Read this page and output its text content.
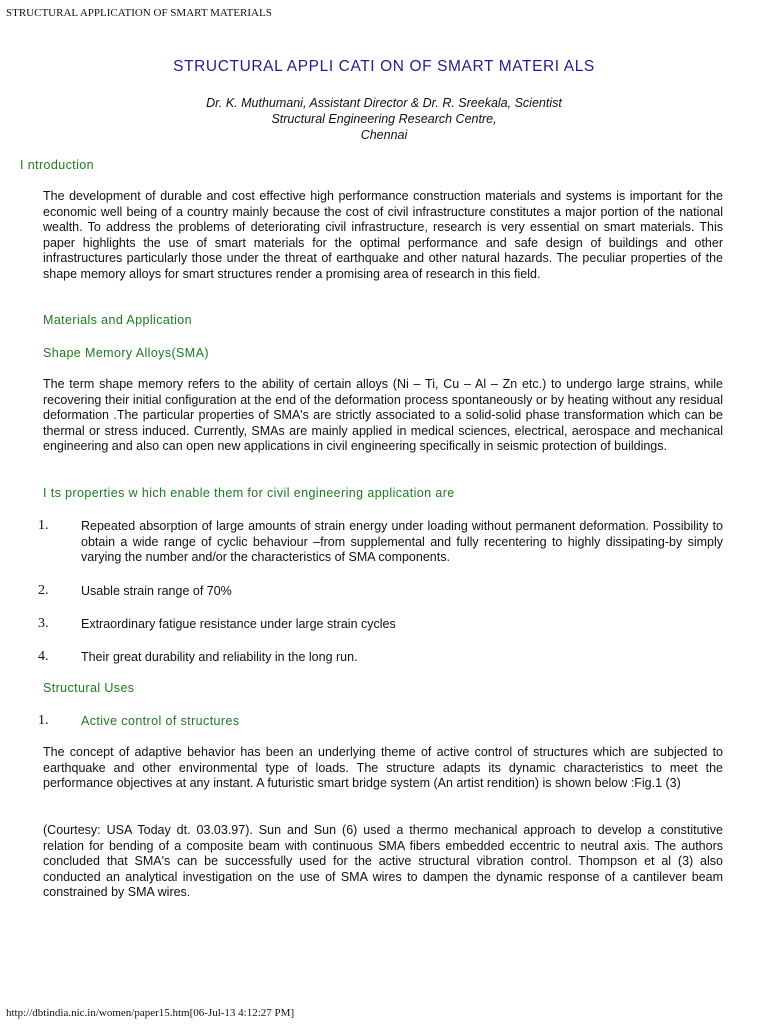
STRUCTURAL APPLICATION OF SMART MATERIALS
STRUCTURAL APPLI CATI ON OF SMART MATERI ALS
Dr. K. Muthumani, Assistant Director & Dr. R. Sreekala, Scientist
Structural Engineering Research Centre,
Chennai
I ntroduction
The development of durable and cost effective high performance construction materials and systems is important for the economic well being of a country mainly because the cost of civil infrastructure constitutes a major portion of the national wealth. To address the problems of deteriorating civil infrastructure, research is very essential on smart materials. This paper highlights the use of smart materials for the optimal performance and safe design of buildings and other infrastructures particularly those under the threat of earthquake and other natural hazards. The peculiar properties of the shape memory alloys for smart structures render a promising area of research in this field.
Materials and Application
Shape Memory Alloys(SMA)
The term shape memory refers to the ability of certain alloys (Ni – Ti, Cu – Al – Zn etc.) to undergo large strains, while recovering their initial configuration at the end of the deformation process spontaneously or by heating without any residual deformation .The particular properties of SMA's are strictly associated to a solid-solid phase transformation which can be thermal or stress induced. Currently, SMAs are mainly applied in medical sciences, electrical, aerospace and mechanical engineering and also can open new applications in civil engineering specifically in seismic protection of buildings.
I ts properties w hich enable them for civil engineering application are
1.	Repeated absorption of large amounts of strain energy under loading without permanent deformation. Possibility to obtain a wide range of cyclic behaviour –from supplemental and fully recentering to highly dissipating-by simply varying the number and/or the characteristics of SMA components.
2.	Usable strain range of 70%
3.	Extraordinary fatigue resistance under large strain cycles
4.	Their great durability and reliability in the long run.
Structural Uses
1.	Active control of structures
The concept of adaptive behavior has been an underlying theme of active control of structures which are subjected to earthquake and other environmental type of loads. The structure adapts its dynamic characteristics to meet the performance objectives at any instant. A futuristic smart bridge system (An artist rendition) is shown below :Fig.1 (3)
(Courtesy: USA Today dt. 03.03.97). Sun and Sun (6) used a thermo mechanical approach to develop a constitutive relation for bending of a composite beam with continuous SMA fibers embedded eccentric to neutral axis. The authors concluded that SMA's can be successfully used for the active structural vibration control. Thompson et al (3) also conducted an analytical investigation on the use of SMA wires to dampen the dynamic response of a cantilever beam constrained by SMA wires.
http://dbtindia.nic.in/women/paper15.htm[06-Jul-13 4:12:27 PM]
